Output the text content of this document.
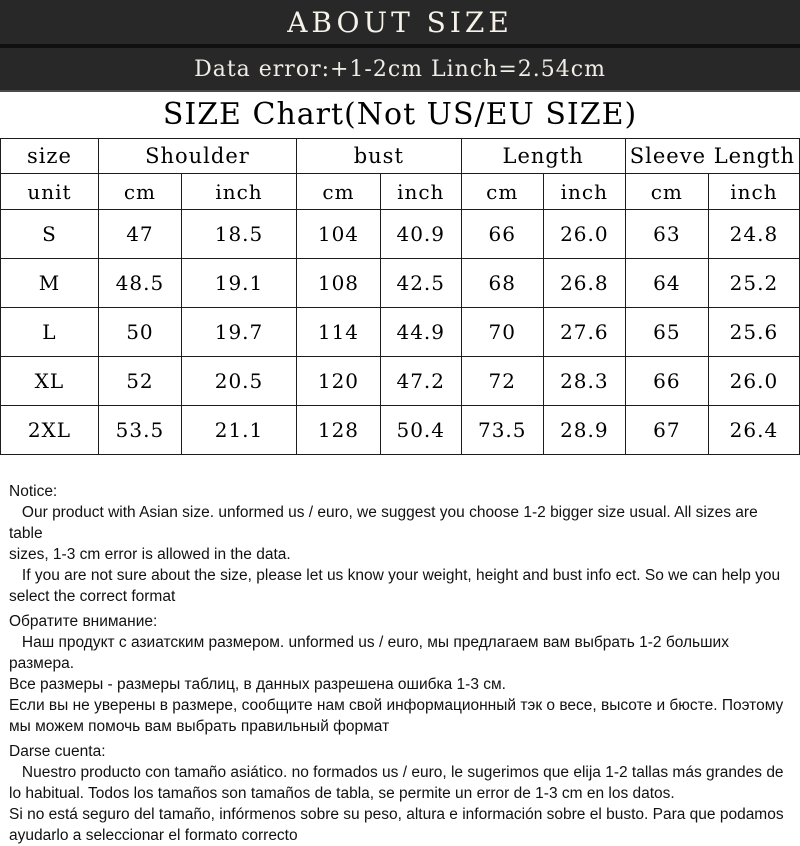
ABOUT SIZE
Data error:+1-2cm Linch=2.54cm
SIZE Chart(Not US/EU SIZE)
size	Shoulder		bust		Length		Sleeve Length	
unit	cm	inch	cm	inch	cm	inch	cm	inch
S	47	18.5	104	40.9	66	26.0	63	24.8
M	48.5	19.1	108	42.5	68	26.8	64	25.2
L	50	19.7	114	44.9	70	27.6	65	25.6
XL	52	20.5	120	47.2	72	28.3	66	26.0
2XL	53.5	21.1	128	50.4	73.5	28.9	67	26.4
Notice:
Our product with Asian size. unformed us / euro, we suggest you choose 1-2 bigger size usual. All sizes are table
sizes, 1-3 cm error is allowed in the data.
If you are not sure about the size, please let us know your weight, height and bust info ect. So we can help you
select the correct format
Обратите внимание:
Наш продукт с азиатским размером. unformed us / euro, мы предлагаем вам выбрать 1-2 больших размера.
Все размеры - размеры таблиц, в данных разрешена ошибка 1-3 см.
Если вы не уверены в размере, сообщите нам свой информационный тэк о весе, высоте и бюсте. Поэтому
мы можем помочь вам выбрать правильный формат
Darse cuenta:
Nuestro producto con tamaño asiático. no formados us / euro, le sugerimos que elija 1-2 tallas más grandes de
lo habitual. Todos los tamaños son tamaños de tabla, se permite un error de 1-3 cm en los datos.
Si no está seguro del tamaño, infórmenos sobre su peso, altura e información sobre el busto. Para que podamos
ayudarlo a seleccionar el formato correcto
